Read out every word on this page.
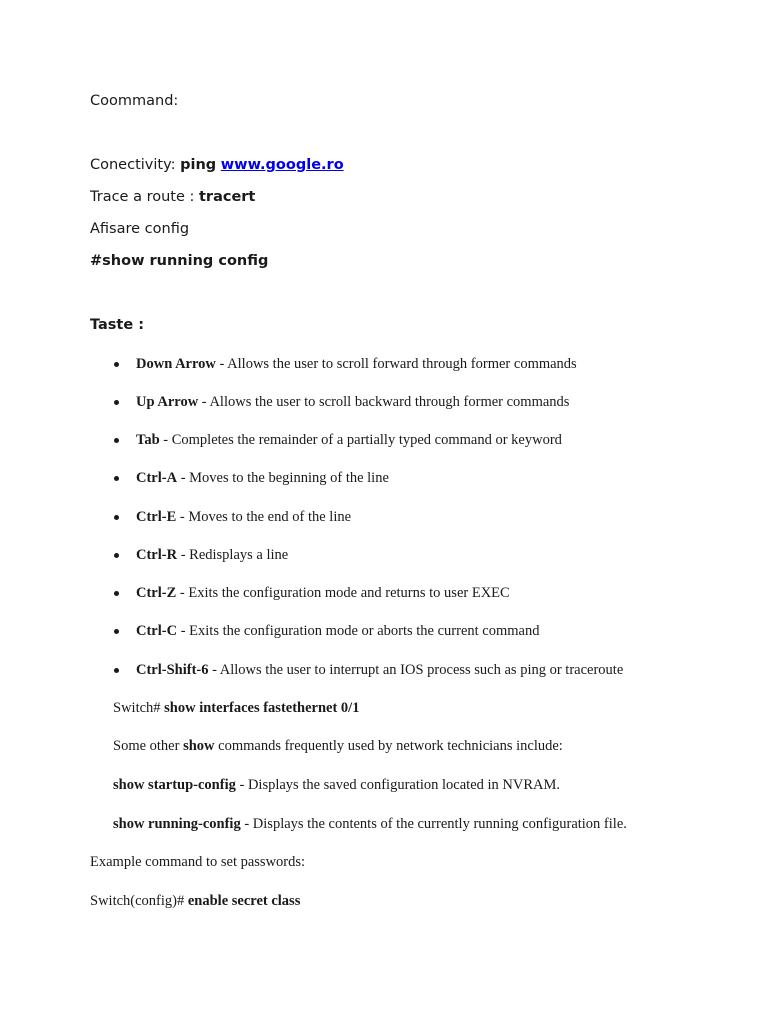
Coommand:
Conectivity: ping www.google.ro
Trace a route : tracert
Afisare config
#show running config
Taste :
Down Arrow - Allows the user to scroll forward through former commands
Up Arrow - Allows the user to scroll backward through former commands
Tab - Completes the remainder of a partially typed command or keyword
Ctrl-A - Moves to the beginning of the line
Ctrl-E - Moves to the end of the line
Ctrl-R - Redisplays a line
Ctrl-Z - Exits the configuration mode and returns to user EXEC
Ctrl-C - Exits the configuration mode or aborts the current command
Ctrl-Shift-6 - Allows the user to interrupt an IOS process such as ping or traceroute
Switch# show interfaces fastethernet 0/1
Some other show commands frequently used by network technicians include:
show startup-config - Displays the saved configuration located in NVRAM.
show running-config - Displays the contents of the currently running configuration file.
Example command to set passwords:
Switch(config)# enable secret class
